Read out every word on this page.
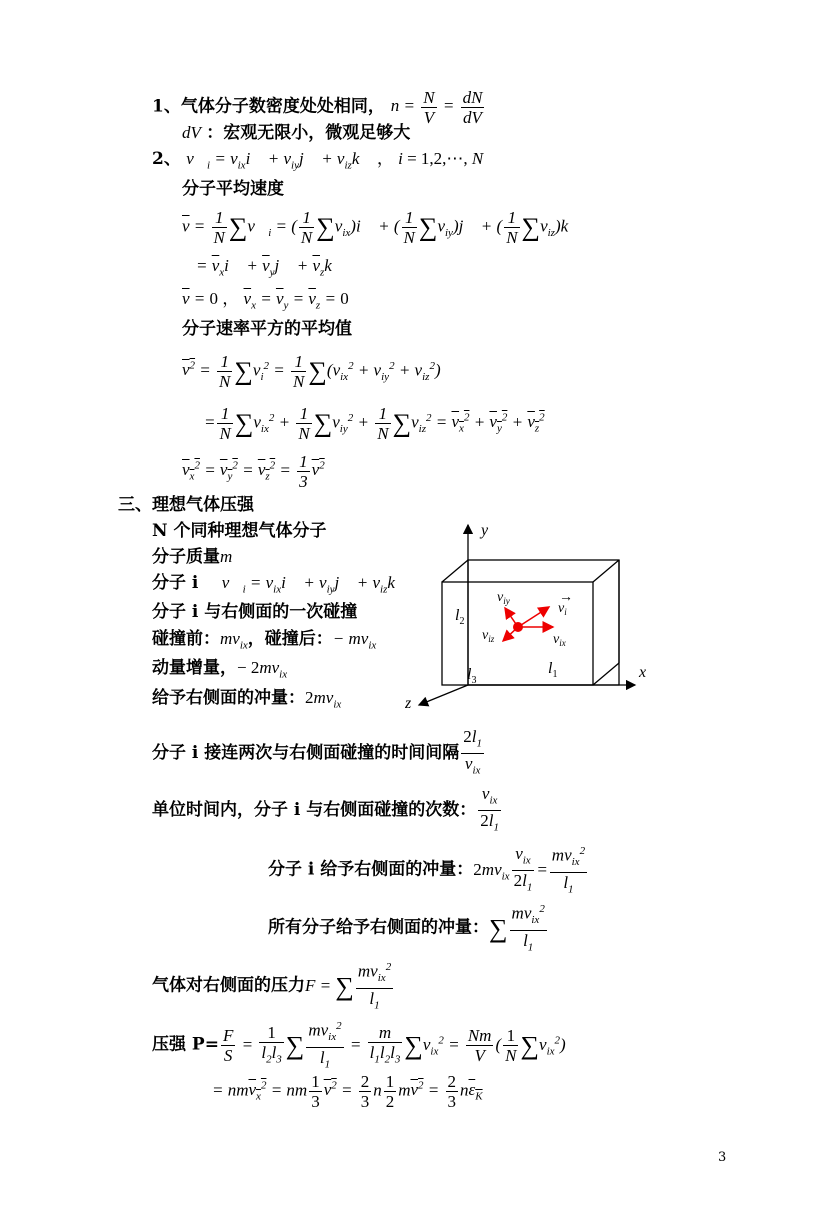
1、气体分子数密度处处相同， $n = \frac{N}{V} = \frac{dN}{dV}$
dV ：宏观无限小，微观足够大
2、 $v⃗_i$ = $v_{ix}i⃗$ + $v_{iy}j⃗$ + $v_{iz}k⃗$ ， i = 1,2,⋯, N
分子平均速度
$\overline{v} = \frac{1}{N}$ $\sum v⃗_i$ = ( $\frac{1}{N}$ $\sum v_{ix})i⃗$ + ( $\frac{1}{N}$ $\sum v_{iy})j⃗$ + ( $\frac{1}{N}$ $\sum v_{iz})k⃗$
= $\overline{v}_xi⃗$ + $\overline{v}_yj⃗$ + $\overline{v}_zk⃗$
$\overline{v} = 0$ ， $\overline{v}_x = \overline{v}_y = \overline{v}_z = 0$
分子速率平方的平均值
$v^2 = \frac{1}{N} \sum v_i^2 = \frac{1}{N} \sum(v_{ix}^2 + v_{iy}^2 + v_{iz}^2)$
= $\frac{1}{N} \sum v_{ix}^2 + \frac{1}{N} \sum v_{iy}^2 + \frac{1}{N} \sum v_{iz}^2 = v_x^2 + v_y^2 + v_z^2$
$v_x^2 = v_y^2 = v_z^2 = \frac{1}{3} v^2$
三、理想气体压强
N 个同种理想气体分子
分子质量m
分子 i $v⃗_i$ = $v_{ix}i⃗$ + $v_{iy}j⃗$ + $v_{iz}k⃗$
分子 i 与右侧面的一次碰撞
碰撞前：$mv_{ix}$，碰撞后：− $mv_{ix}$
动量增量，− $2mv_{ix}$
给予右侧面的冲量：$2mv_{ix}$
分子 i 接连两次与右侧面碰撞的时间间隔
$2l_1$
$v_{ix}$
单位时间内，分子 i 与右侧面碰撞的次数：
$v_{ix}$
$2l_1$
分子 i 给予右侧面的冲量：$2mv_{ix}$
$v_{ix}$
$2l_1$
=
$mv_{ix}^2$
$l_1$
所有分子给予右侧面的冲量：∑
$mv_{ix}^2$
$l_1$
气体对右侧面的压力F = ∑
$mv_{ix}^2$
$l_1$
压强 $P= \frac{F}{S} = \frac{1}{l_2l_3}$ ∑
$mv_{ix}^2$
$l_1$
= $\frac{m}{l_1l_2l_3} \sum v_{ix}^2 = \frac{Nm}{V}$ ( $\frac{1}{N} \sum v_{ix}^2$)
= nmv$_x^2$ = nm $\frac{1}{3} v^2 = \frac{2}{3}$ n $\frac{1}{2} mv^2 = \frac{2}{3} n\varepsilon_K$
y
x
z
$l_2$
$l_1$
$l_3$
$v_{iy}$	$v_i$
$v_{ix}$
$v_{iz}$
→
3
